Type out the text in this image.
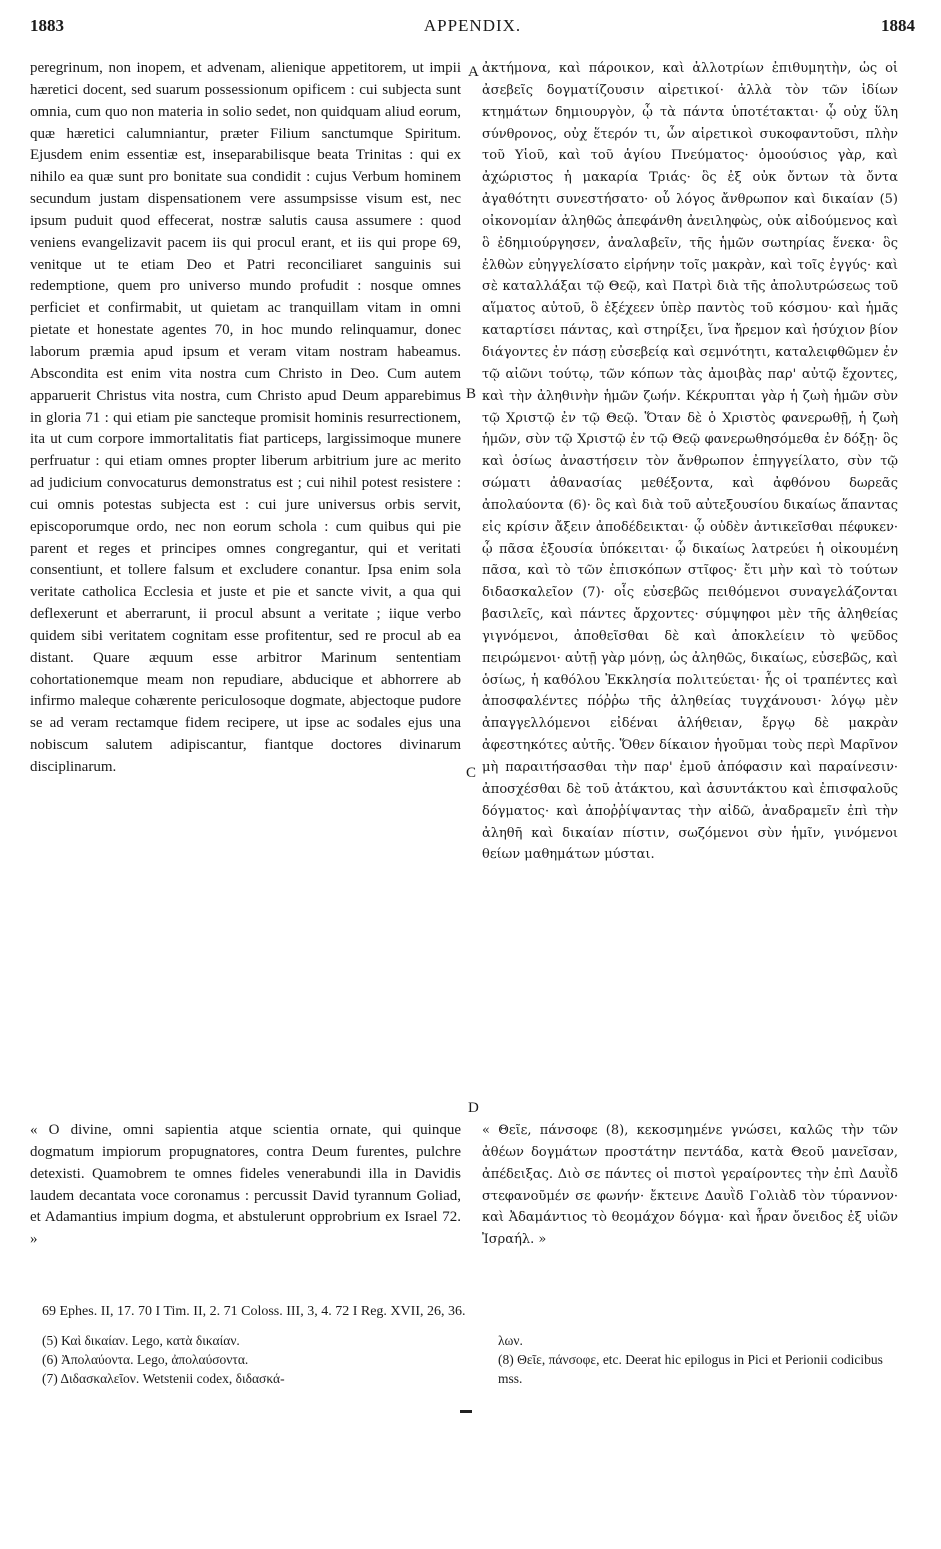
1883	APPENDIX.	1884

peregrinum, non inopem, et advenam, alienique appetitorem, ut impii hæretici docent, sed suarum possessionum opificem : cui subjecta sunt omnia, cum quo non materia in solio sedet, non quidquam aliud eorum, quæ hæretici calumniantur, præter Filium sanctumque Spiritum. Ejusdem enim essentiæ est, inseparabilisque beata Trinitas : qui ex nihilo ea quæ sunt pro bonitate sua condidit : cujus Verbum hominem secundum justam dispensationem vere assumpsisse visum est, nec ipsum puduit quod effecerat, nostræ salutis causa assumere : quod veniens evangelizavit pacem iis qui procul erant, et iis qui prope 69, venitque ut te etiam Deo et Patri reconciliaret sanguinis sui redemptione, quem pro universo mundo profudit : nosque omnes perficiet et confirmabit, ut quietam ac tranquillam vitam in omni pietate et honestate agentes 70, in hoc mundo relinquamur, donec laborum præmia apud ipsum et veram vitam nostram habeamus. Abscondita est enim vita nostra cum Christo in Deo. Cum autem apparuerit Christus vita nostra, cum Christo apud Deum apparebimus in gloria 71 : qui etiam pie sancteque promisit hominis resurrectionem, ita ut cum corpore immortalitatis fiat particeps, largissimoque munere perfruatur : qui etiam omnes propter liberum arbitrium jure ac merito ad judicium convocaturus demonstratus est ; cui nihil potest resistere : cui omnis potestas subjecta est : cui jure universus orbis servit, episcoporumque ordo, nec non eorum schola : cum quibus qui pie parent et reges et principes omnes congregantur, qui et veritati consentiunt, et tollere falsum et excludere conantur. Ipsa enim sola veritate catholica Ecclesia et juste et pie et sancte vivit, a qua qui deflexerunt et aberrarunt, ii procul absunt a veritate ; iique verbo quidem sibi veritatem cognitam esse profitentur, sed re procul ab ea distant. Quare æquum esse arbitror Marinum sententiam cohortationemque meam non repudiare, abducique et abhorrere ab infirmo maleque cohærente periculosoque dogmate, abjectoque pudore se ad veram rectamque fidem recipere, ut ipse ac sodales ejus una nobiscum salutem adipiscantur, fiantque doctores divinarum disciplinarum.

« O divine, omni sapientia atque scientia ornate, qui quinque dogmatum impiorum propugnatores, contra Deum furentes, pulchre detexisti. Quamobrem te omnes fideles venerabundi illa in Davidis laudem decantata voce coronamus : percussit David tyrannum Goliad, et Adamantius impium dogma, et abstulerunt opprobrium ex Israel 72. »

ἀκτήμονα, καὶ πάροικον, καὶ ἀλλοτρίων ἐπιθυμητὴν, ὡς οἱ ἀσεβεῖς δογματίζουσιν αἱρετικοί· ἀλλὰ τὸν τῶν ἰδίων κτημάτων δημιουργὸν, ᾧ τὰ πάντα ὑποτέτακται· ᾧ οὐχ ὕλη σύνθρονος, οὐχ ἕτερόν τι, ὧν αἱρετικοὶ συκοφαντοῦσι, πλὴν τοῦ Υἱοῦ, καὶ τοῦ ἁγίου Πνεύματος· ὁμοούσιος γὰρ, καὶ ἀχώριστος ἡ μακαρία Τριάς· ὃς ἐξ οὐκ ὄντων τὰ ὄντα ἀγαθότητι συνεστήσατο· οὗ λόγος ἄνθρωπον καὶ δικαίαν (5) οἰκονομίαν ἀληθῶς ἀπεφάνθη ἀνειληφὼς, οὐκ αἰδούμενος καὶ ὃ ἐδημιούργησεν, ἀναλαβεῖν, τῆς ἡμῶν σωτηρίας ἕνεκα· ὃς ἐλθὼν εὐηγγελίσατο εἰρήνην τοῖς μακρὰν, καὶ τοῖς ἐγγύς· καὶ σὲ καταλλάξαι τῷ Θεῷ, καὶ Πατρὶ διὰ τῆς ἀπολυτρώσεως τοῦ αἵματος αὐτοῦ, ὃ ἐξέχεεν ὑπὲρ παντὸς τοῦ κόσμου· καὶ ἡμᾶς καταρτίσει πάντας, καὶ στηρίξει, ἵνα ἤρεμον καὶ ἡσύχιον βίον διάγοντες ἐν πάσῃ εὐσεβείᾳ καὶ σεμνότητι, καταλειφθῶμεν ἐν τῷ αἰῶνι τούτῳ, τῶν κόπων τὰς ἀμοιβὰς παρ' αὐτῷ ἔχοντες, καὶ τὴν ἀληθινὴν ἡμῶν ζωήν. Κέκρυπται γὰρ ἡ ζωὴ ἡμῶν σὺν τῷ Χριστῷ ἐν τῷ Θεῷ. Ὅταν δὲ ὁ Χριστὸς φανερωθῇ, ἡ ζωὴ ἡμῶν, σὺν τῷ Χριστῷ ἐν τῷ Θεῷ φανερωθησόμεθα ἐν δόξῃ· ὃς καὶ ὁσίως ἀναστήσειν τὸν ἄνθρωπον ἐπηγγείλατο, σὺν τῷ σώματι ἀθανασίας μεθέξοντα, καὶ ἀφθόνου δωρεᾶς ἀπολαύοντα (6)· ὃς καὶ διὰ τοῦ αὐτεξουσίου δικαίως ἅπαντας εἰς κρίσιν ἄξειν ἀποδέδεικται· ᾧ οὐδὲν ἀντικεῖσθαι πέφυκεν· ᾧ πᾶσα ἐξουσία ὑπόκειται· ᾧ δικαίως λατρεύει ἡ οἰκουμένη πᾶσα, καὶ τὸ τῶν ἐπισκόπων στῖφος· ἔτι μὴν καὶ τὸ τούτων διδασκαλεῖον (7)· οἷς εὐσεβῶς πειθόμενοι συναγελάζονται βασιλεῖς, καὶ πάντες ἄρχοντες· σύμψηφοι μὲν τῆς ἀληθείας γιγνόμενοι, ἀποθεῖσθαι δὲ καὶ ἀποκλείειν τὸ ψεῦδος πειρώμενοι· αὐτῇ γὰρ μόνῃ, ὡς ἀληθῶς, δικαίως, εὐσεβῶς, καὶ ὁσίως, ἡ καθόλου Ἐκκλησία πολιτεύεται· ἧς οἱ τραπέντες καὶ ἀποσφαλέντες πόῤῥω τῆς ἀληθείας τυγχάνουσι· λόγῳ μὲν ἀπαγγελλόμενοι εἰδέναι ἀλήθειαν, ἔργῳ δὲ μακρὰν ἀφεστηκότες αὐτῆς. Ὅθεν δίκαιον ἡγοῦμαι τοὺς περὶ Μαρῖνον μὴ παραιτήσασθαι τὴν παρ' ἐμοῦ ἀπόφασιν καὶ παραίνεσιν· ἀποσχέσθαι δὲ τοῦ ἀτάκτου, καὶ ἀσυντάκτου καὶ ἐπισφαλοῦς δόγματος· καὶ ἀποῤῥίψαντας τὴν αἰδῶ, ἀναδραμεῖν ἐπὶ τὴν ἀληθῆ καὶ δικαίαν πίστιν, σωζόμενοι σὺν ἡμῖν, γινόμενοι θείων μαθημάτων μύσται.

« Θεῖε, πάνσοφε (8), κεκοσμημένε γνώσει, καλῶς τὴν τῶν ἀθέων δογμάτων προστάτην πεντάδα, κατὰ Θεοῦ μανεῖσαν, ἀπέδειξας. Διὸ σε πάντες οἱ πιστοὶ γεραίροντες τὴν ἐπὶ Δαυῒδ στεφανοῦμέν σε φωνήν· ἔκτεινε Δαυῒδ Γολιὰδ τὸν τύραννον· καὶ Ἀδαμάντιος τὸ θεομάχον δόγμα· καὶ ἦραν ὄνειδος ἐξ υἱῶν Ἰσραήλ. »

A
B
C
D
69 Ephes. II, 17. 70 I Tim. II, 2. 71 Coloss. III, 3, 4. 72 I Reg. XVII, 26, 36.
(5) Καὶ δικαίαν. Lego, κατὰ δικαίαν.
(6) Ἀπολαύοντα. Lego, ἀπολαύσοντα.
(7) Διδασκαλεῖον. Wetstenii codex, διδασκά-
λων.
(8) Θεῖε, πάνσοφε, etc. Deerat hic epilogus in Pici et Perionii codicibus mss.
